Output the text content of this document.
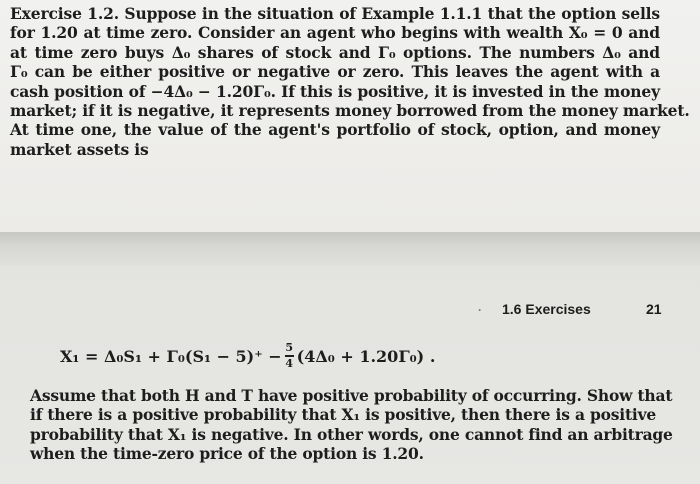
Exercise 1.2. Suppose in the situation of Example 1.1.1 that the option sells
for 1.20 at time zero. Consider an agent who begins with wealth X₀ = 0 and
at time zero buys Δ₀ shares of stock and Γ₀ options. The numbers Δ₀ and
Γ₀ can be either positive or negative or zero. This leaves the agent with a
cash position of −4Δ₀ − 1.20Γ₀. If this is positive, it is invested in the money
market; if it is negative, it represents money borrowed from the money market.
At time one, the value of the agent's portfolio of stock, option, and money
market assets is
· 1.6 Exercises	21
$X_1 = \Delta_0S_1 + \Gamma_0(S_1 - 5)^+ - \frac{5}{4} (4\Delta_0 + 1.20\Gamma_0)$ .
Assume that both H and T have positive probability of occurring. Show that
if there is a positive probability that X₁ is positive, then there is a positive
probability that X₁ is negative. In other words, one cannot find an arbitrage
when the time-zero price of the option is 1.20.
